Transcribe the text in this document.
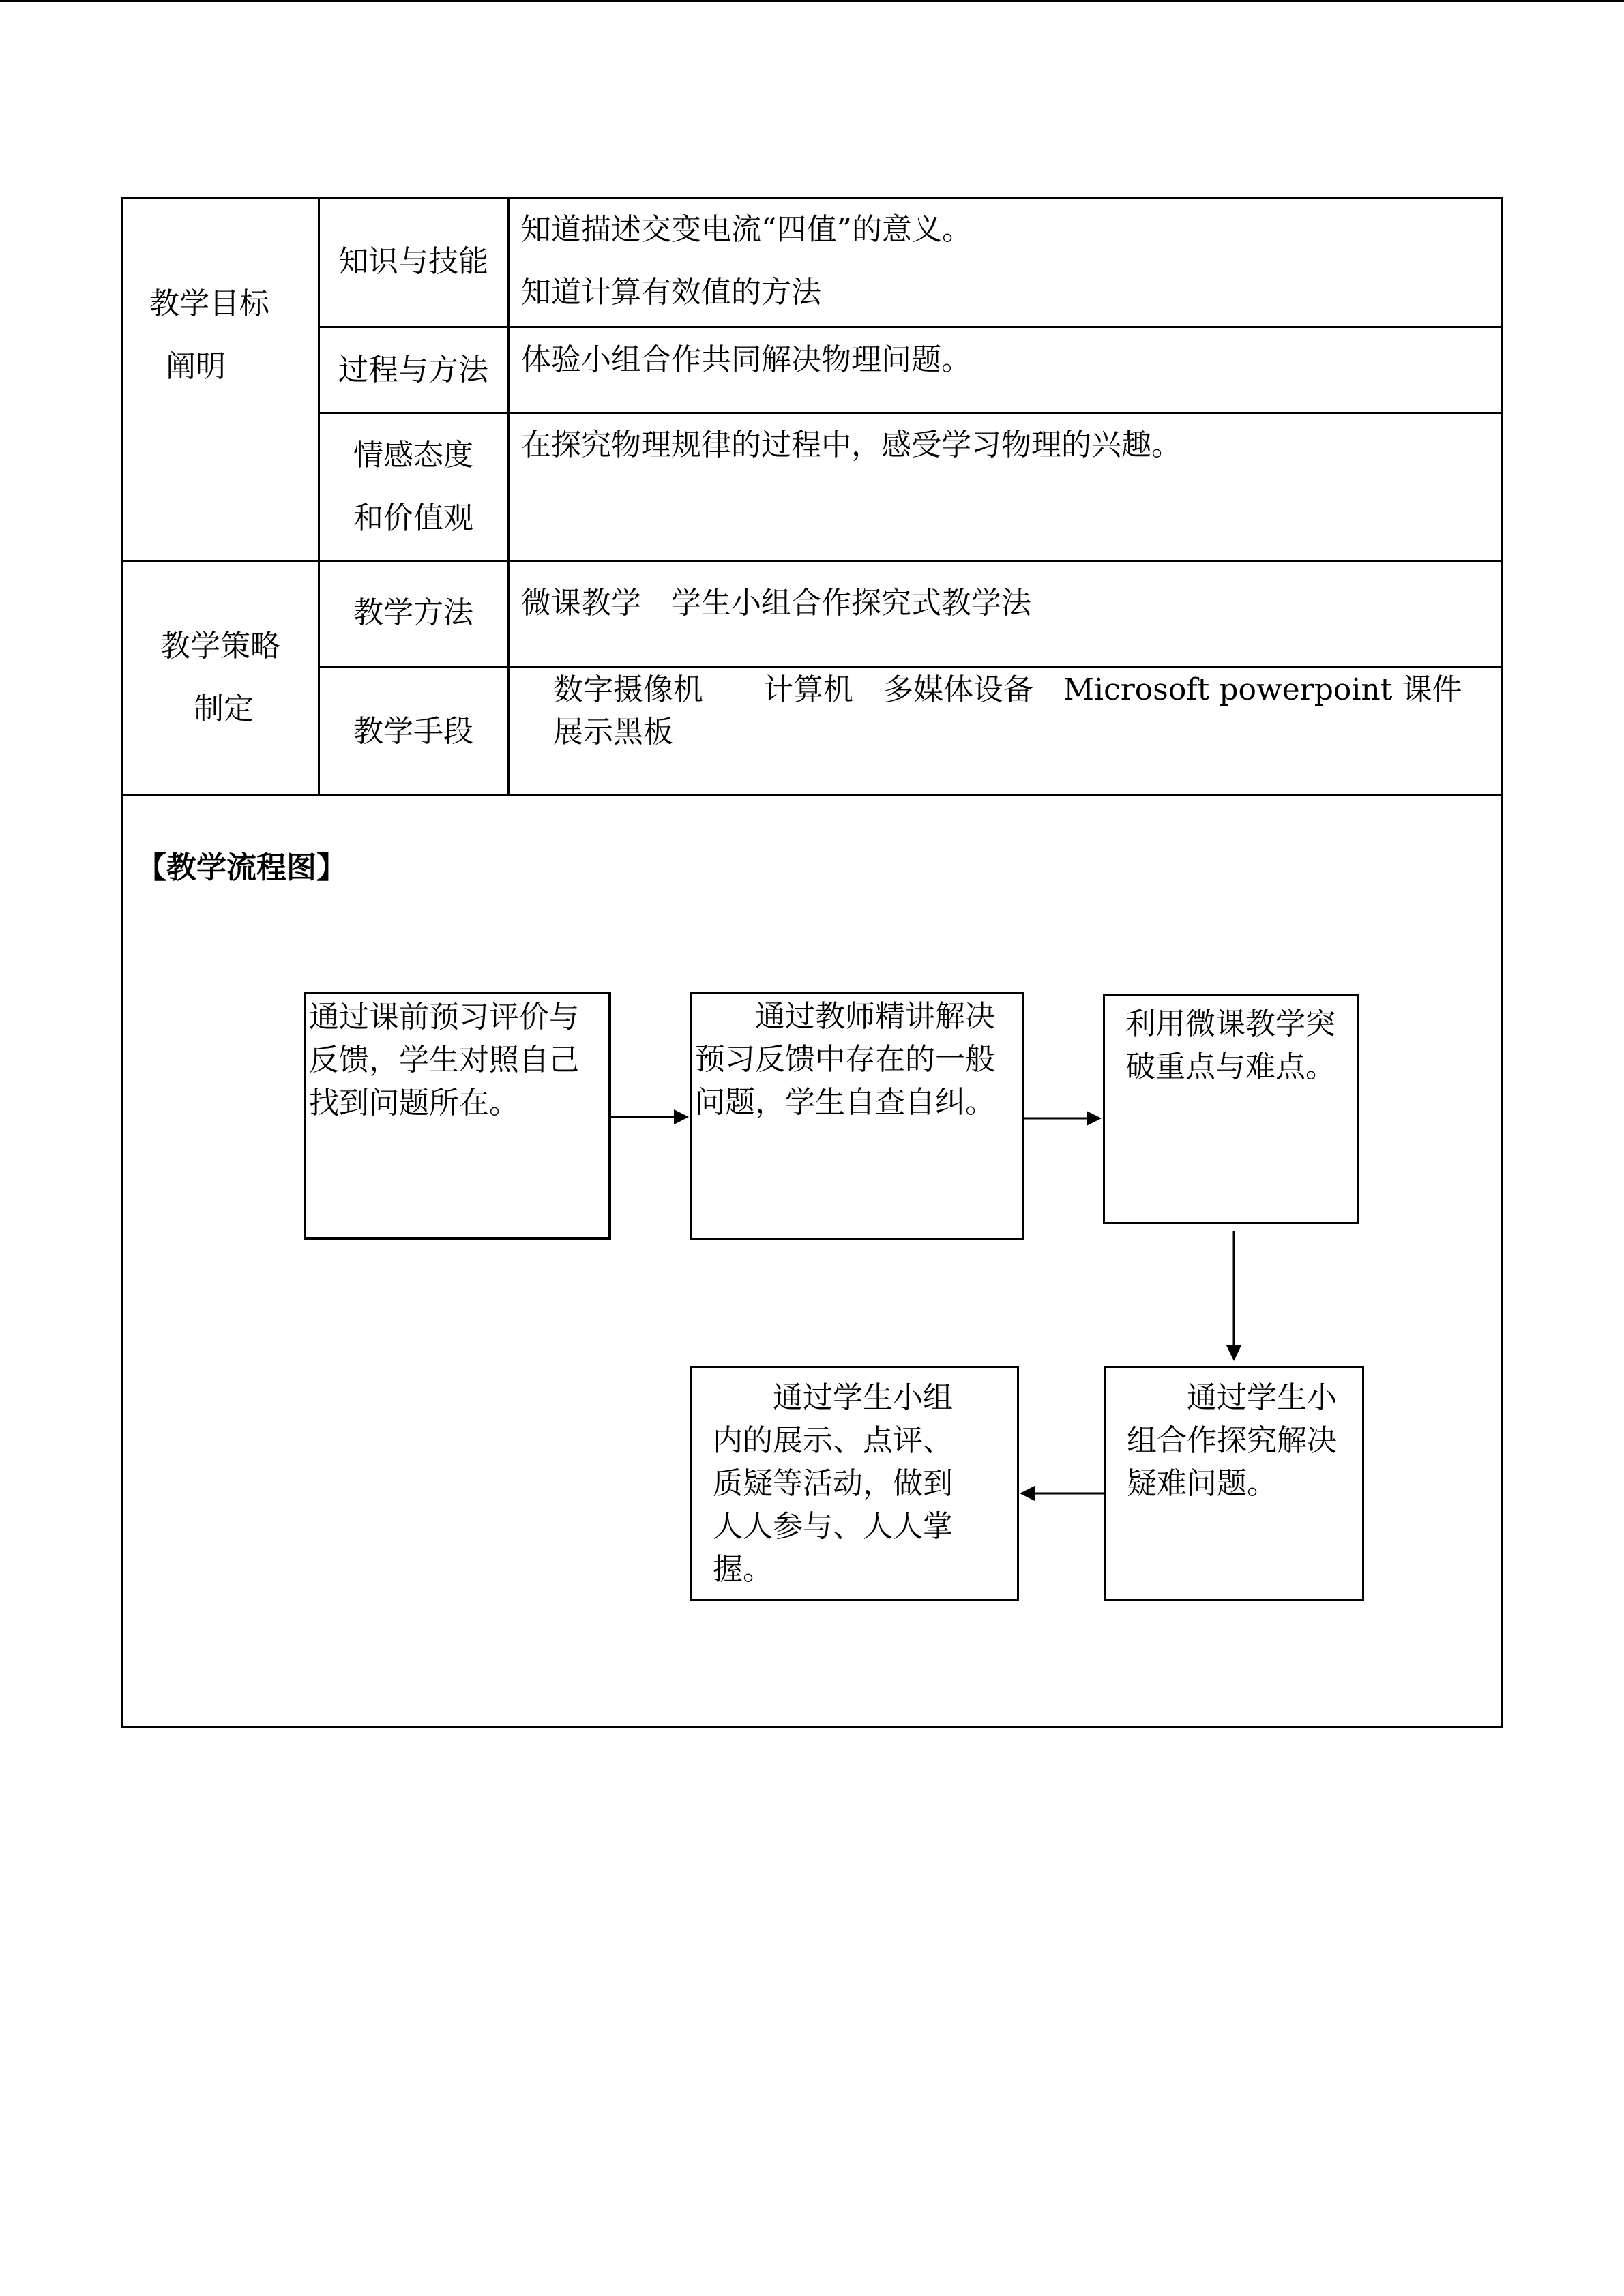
教学目标
阐明
知识与技能
知道描述交变电流“四值”的意义。
知道计算有效值的方法
过程与方法 体验小组合作共同解决物理问题。
情感态度
和价值观
在探究物理规律的过程中，感受学习物理的兴趣。
教学策略
制定
教学方法 微课教学　学生小组合作探究式教学法
教学手段
数字摄像机　　计算机　多媒体设备　Microsoft powerpoint 课件
展示黑板
【教学流程图】
通过课前预习评价与反馈，学生对照自己找到问题所在。
　　通过教师精讲解决预习反馈中存在的一般问题，学生自查自纠。
利用微课教学突破重点与难点。
　　通过学生小组合作探究解决疑难问题。
　　通过学生小组内的展示、点评、质疑等活动，做到人人参与、人人掌握。
